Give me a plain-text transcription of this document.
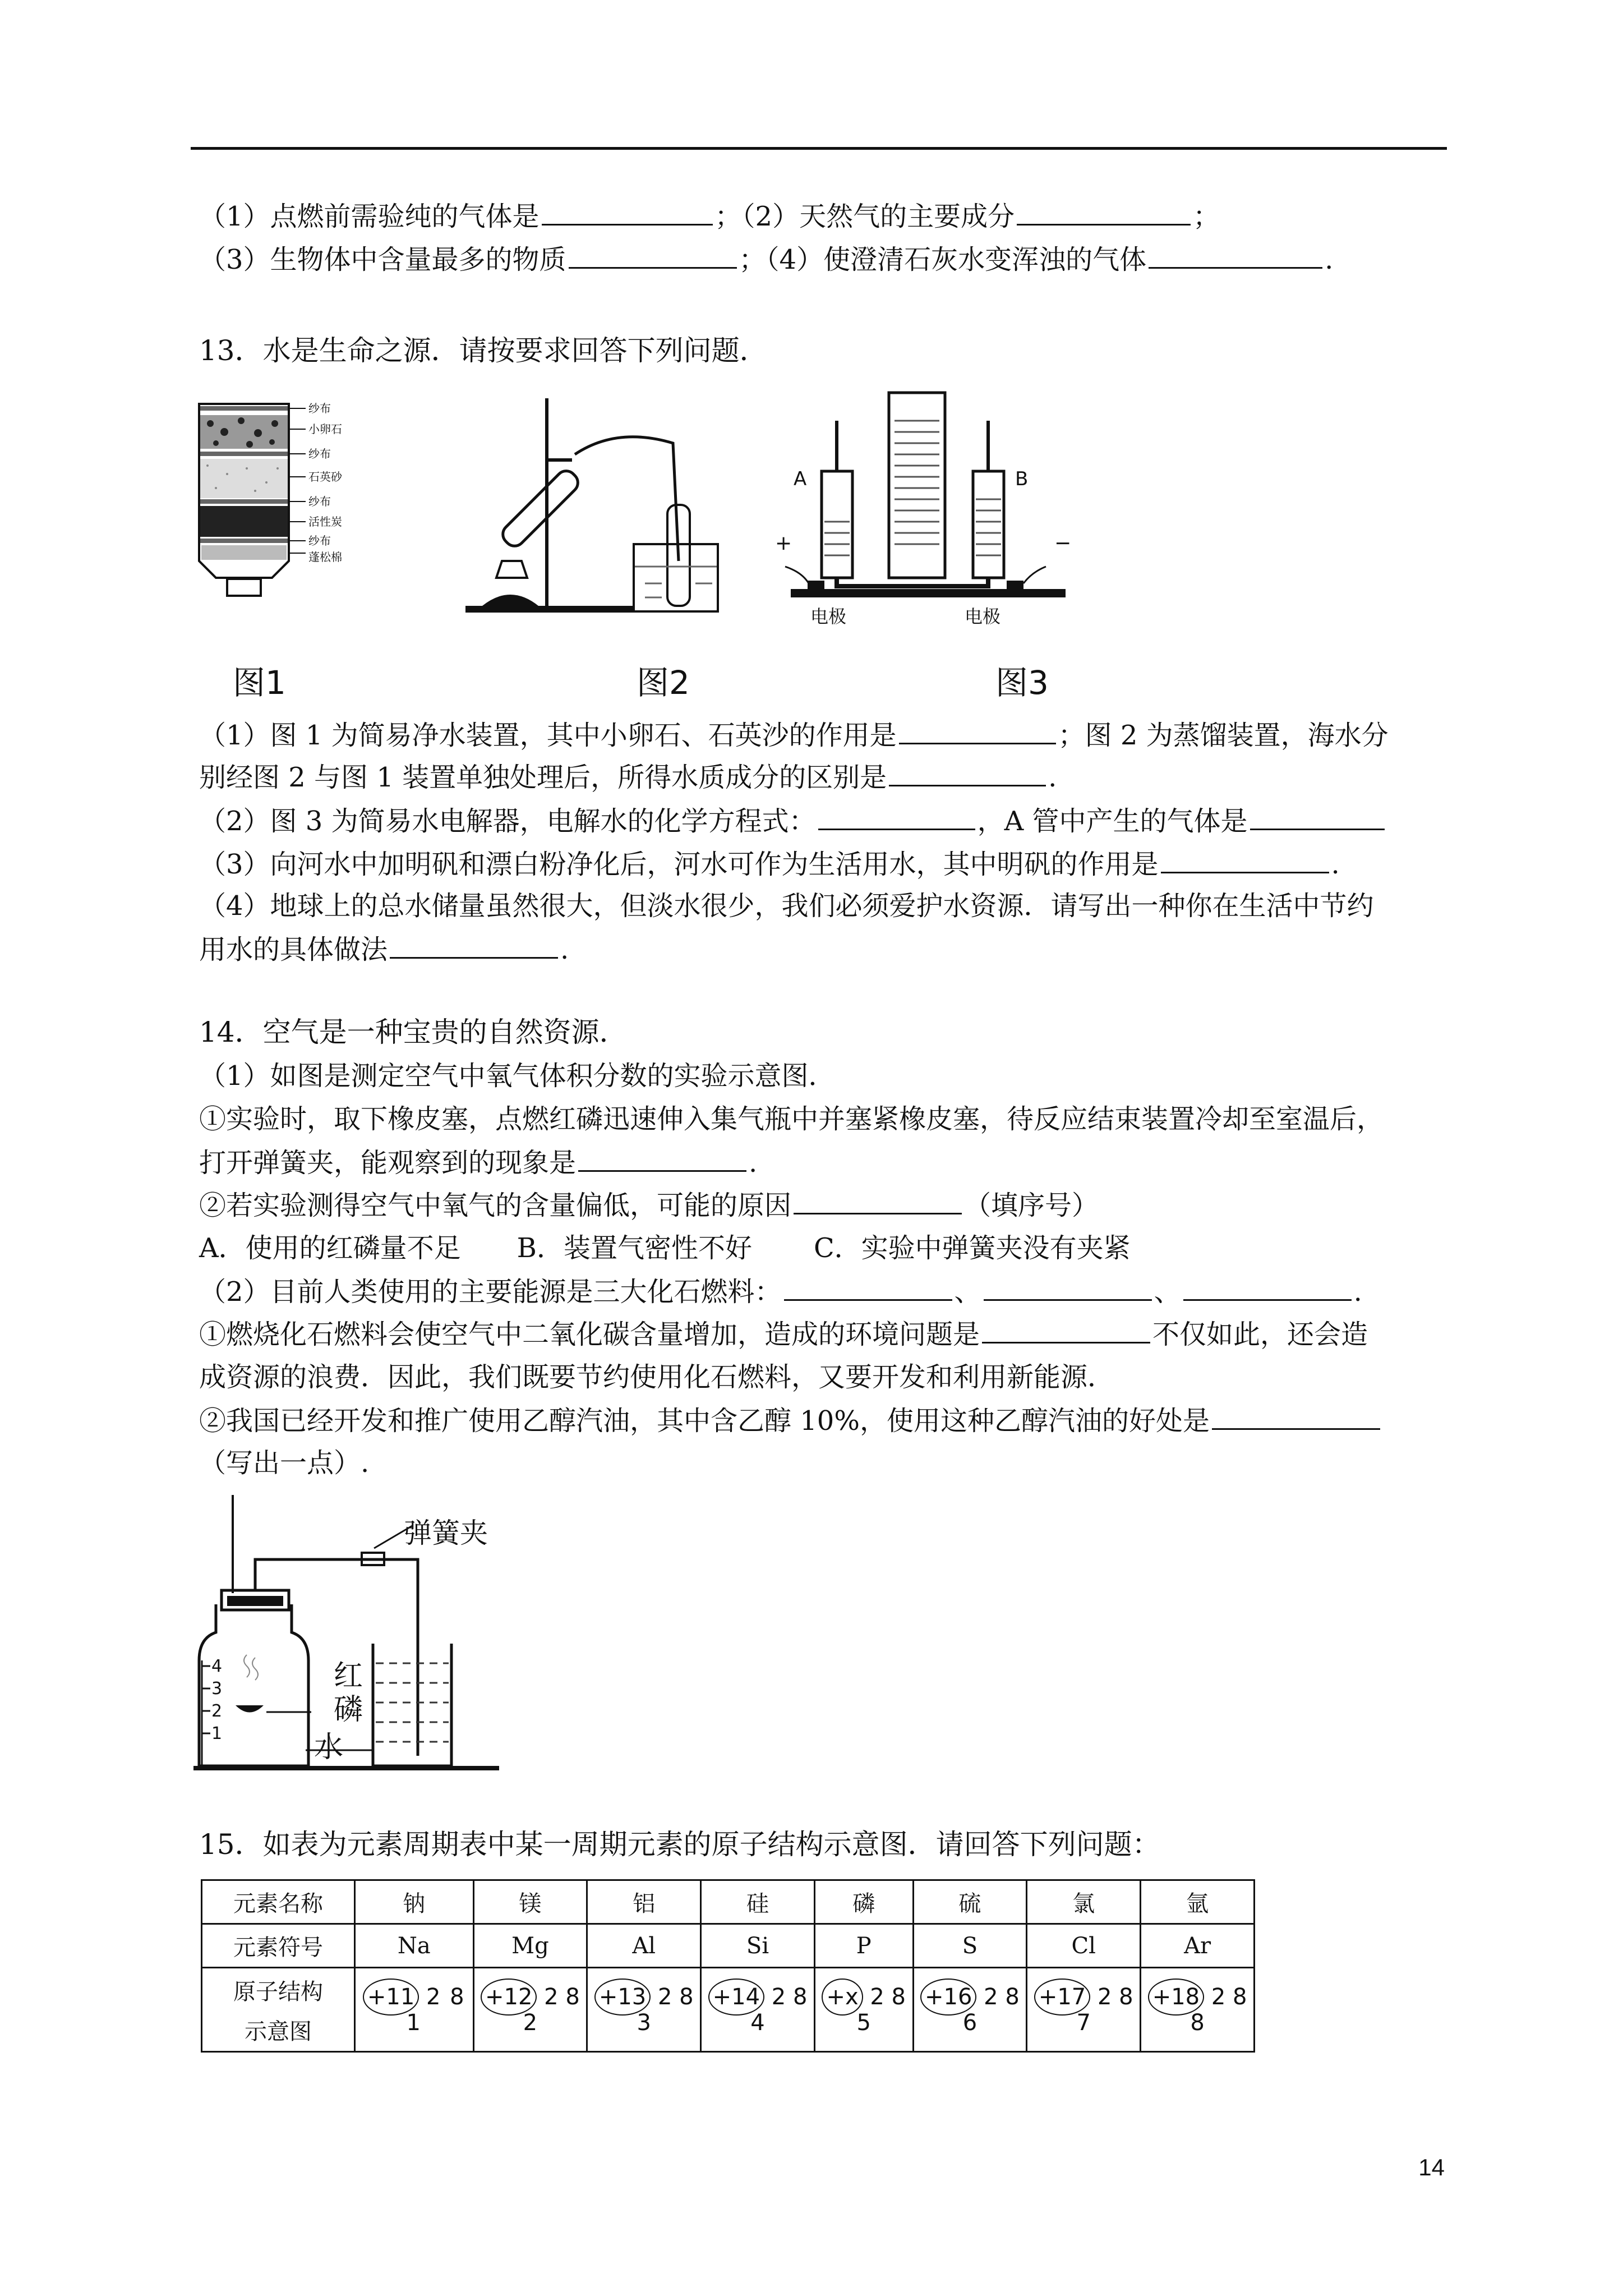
（1）点燃前需验纯的气体是	；（2）天然气的主要成分	；
（3）生物体中含量最多的物质	；（4）使澄清石灰水变浑浊的气体	.
13．水是生命之源．请按要求回答下列问题．
纱布
小卵石
纱布
石英砂
纱布
活性炭
纱布
蓬松棉
A	B
+	−
电极	电极
图1	图2	图3
（1）图 1 为简易净水装置，其中小卵石、石英沙的作用是	；图 2 为蒸馏装置，海水分
别经图 2 与图 1 装置单独处理后，所得水质成分的区别是	.
（2）图 3 为简易水电解器，电解水的化学方程式：	，A 管中产生的气体是
（3）向河水中加明矾和漂白粉净化后，河水可作为生活用水，其中明矾的作用是	.
（4）地球上的总水储量虽然很大，但淡水很少，我们必须爱护水资源．请写出一种你在生活中节约
用水的具体做法	.
14．空气是一种宝贵的自然资源．
（1）如图是测定空气中氧气体积分数的实验示意图．
①实验时，取下橡皮塞，点燃红磷迅速伸入集气瓶中并塞紧橡皮塞，待反应结束装置冷却至室温后，
打开弹簧夹，能观察到的现象是	.
②若实验测得空气中氧气的含量偏低，可能的原因	（填序号）
A．使用的红磷量不足 B．装置气密性不好 C．实验中弹簧夹没有夹紧
（2）目前人类使用的主要能源是三大化石燃料：	、	、	.
①燃烧化石燃料会使空气中二氧化碳含量增加，造成的环境问题是	不仅如此，还会造
成资源的浪费．因此，我们既要节约使用化石燃料，又要开发和利用新能源．
②我国已经开发和推广使用乙醇汽油，其中含乙醇 10%，使用这种乙醇汽油的好处是
（写出一点）.
弹簧夹
红
磷
水
4
3
2
1
15．如表为元素周期表中某一周期元素的原子结构示意图．请回答下列问题：
元素名称	钠	镁	铝	硅	磷	硫	氯	氩
元素符号	Na	Mg	Al	Si	P	S	Cl	Ar

原子结构
示意图	+11 2 8 1	+12 2 8 2	+13 2 8 3	+14 2 8 4	+x 2 8 5	+16 2 8 6	+17 2 8 7	+18 2 8 8
14
